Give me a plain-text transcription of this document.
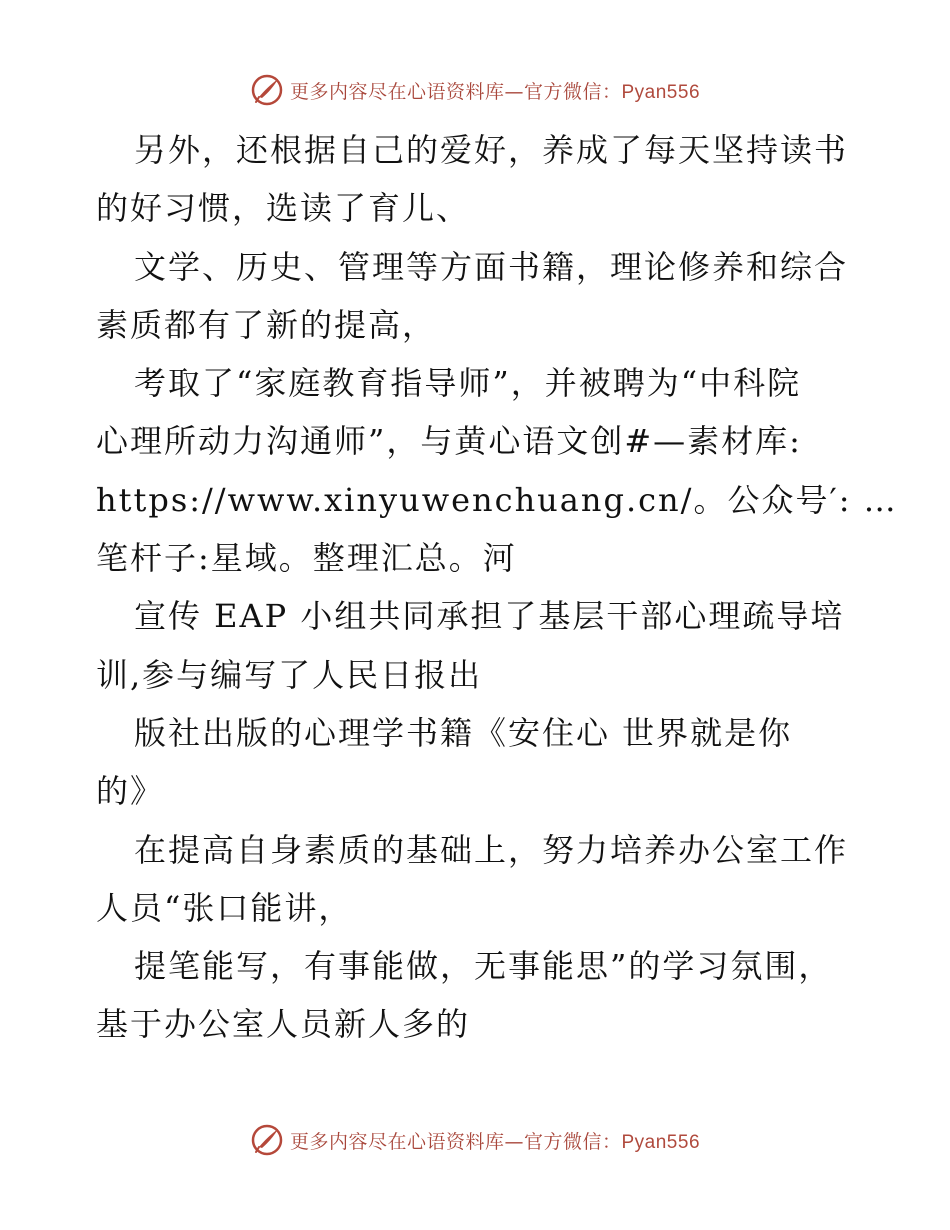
更多内容尽在心语资料库—官方微信：Pyan556
另外，还根据自己的爱好，养成了每天坚持读书
的好习惯，选读了育儿、
文学、历史、管理等方面书籍，理论修养和综合
素质都有了新的提高，
考取了“家庭教育指导师”，并被聘为“中科院
心理所动力沟通师”，与黄心语文创#—素材库:
https://www.xinyuwenchuang.cn/。公众号′: …
笔杆子:星域。整理汇总。河
宣传 EAP 小组共同承担了基层干部心理疏导培
训,参与编写了人民日报出
版社出版的心理学书籍《安住心 世界就是你
的》
在提高自身素质的基础上，努力培养办公室工作
人员“张口能讲，
提笔能写，有事能做，无事能思”的学习氛围，
基于办公室人员新人多的
更多内容尽在心语资料库—官方微信：Pyan556
